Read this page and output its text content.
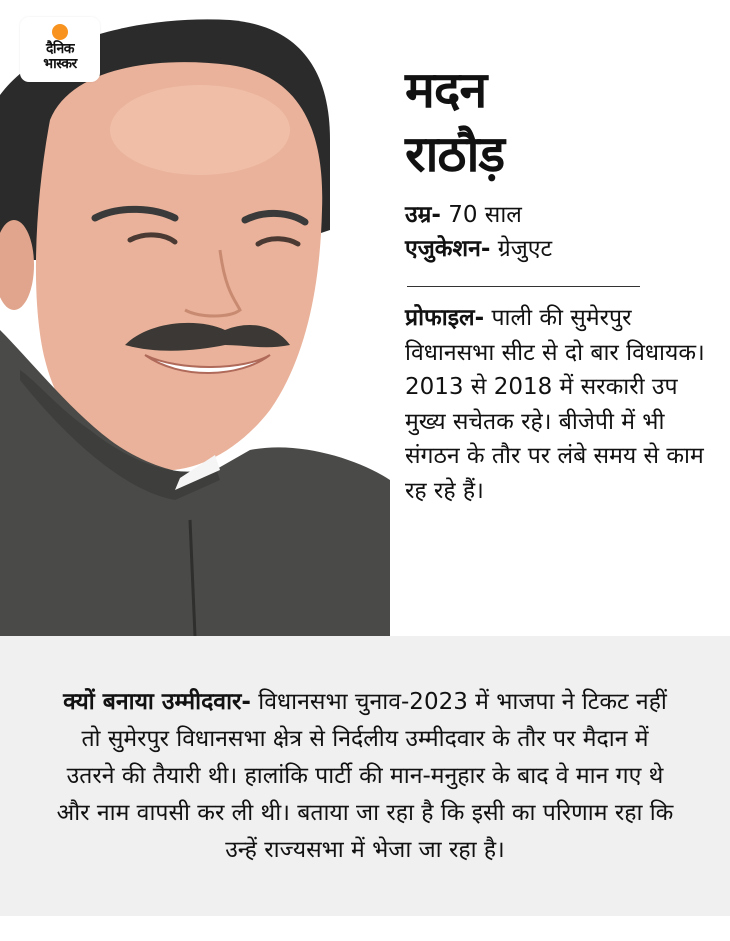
दैनिक
भास्कर	मदन
राठौड़
उम्र- 70 साल
एजुकेशन- ग्रेजुएट
प्रोफाइल- पाली की सुमेरपुर विधानसभा सीट से दो बार विधायक। 2013 से 2018 में सरकारी उप मुख्य सचेतक रहे। बीजेपी में भी संगठन के तौर पर लंबे समय से काम रह रहे हैं।
क्यों बनाया उम्मीदवार- विधानसभा चुनाव-2023 में भाजपा ने टिकट नहीं तो सुमेरपुर विधानसभा क्षेत्र से निर्दलीय उम्मीदवार के तौर पर मैदान में उतरने की तैयारी थी। हालांकि पार्टी की मान-मनुहार के बाद वे मान गए थे और नाम वापसी कर ली थी। बताया जा रहा है कि इसी का परिणाम रहा कि उन्हें राज्यसभा में भेजा जा रहा है।
